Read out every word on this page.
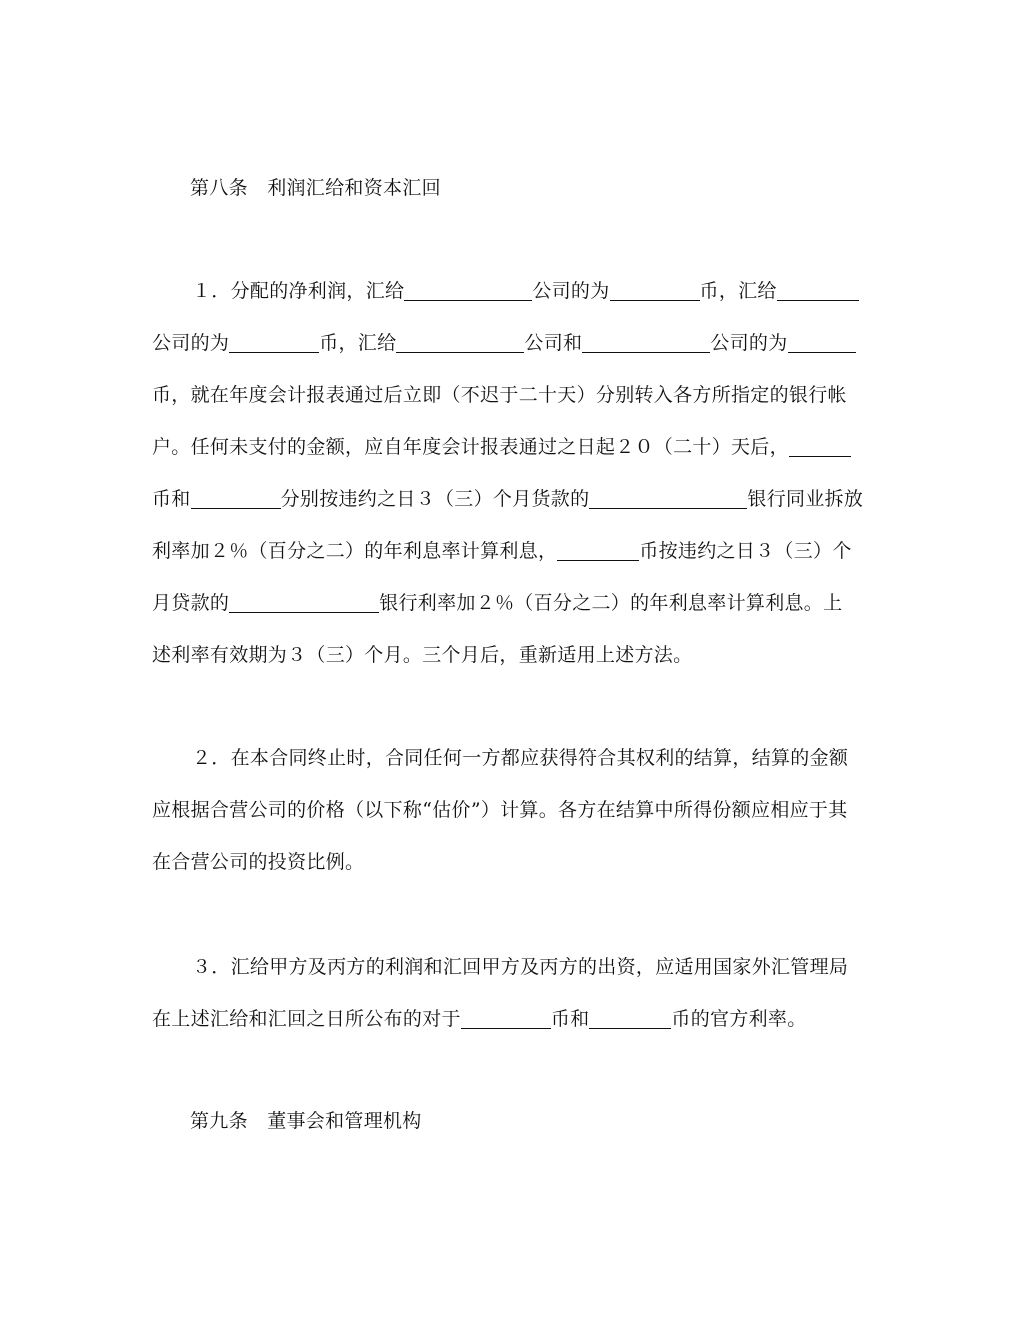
第八条　利润汇给和资本汇回
１．分配的净利润，汇给	公司的为	币，汇给
公司的为	币，汇给	公司和	公司的为
币，就在年度会计报表通过后立即（不迟于二十天）分别转入各方所指定的银行帐
户。任何未支付的金额，应自年度会计报表通过之日起２０（二十）天后，
币和	分别按违约之日３（三）个月货款的	银行同业拆放
利率加２％（百分之二）的年利息率计算利息，	币按违约之日３（三）个
月贷款的	银行利率加２％（百分之二）的年利息率计算利息。上
述利率有效期为３（三）个月。三个月后，重新适用上述方法。
２．在本合同终止时，合同任何一方都应获得符合其权利的结算，结算的金额
应根据合营公司的价格（以下称“估价”）计算。各方在结算中所得份额应相应于其
在合营公司的投资比例。
３．汇给甲方及丙方的利润和汇回甲方及丙方的出资，应适用国家外汇管理局
在上述汇给和汇回之日所公布的对于	币和	币的官方利率。
第九条　董事会和管理机构
